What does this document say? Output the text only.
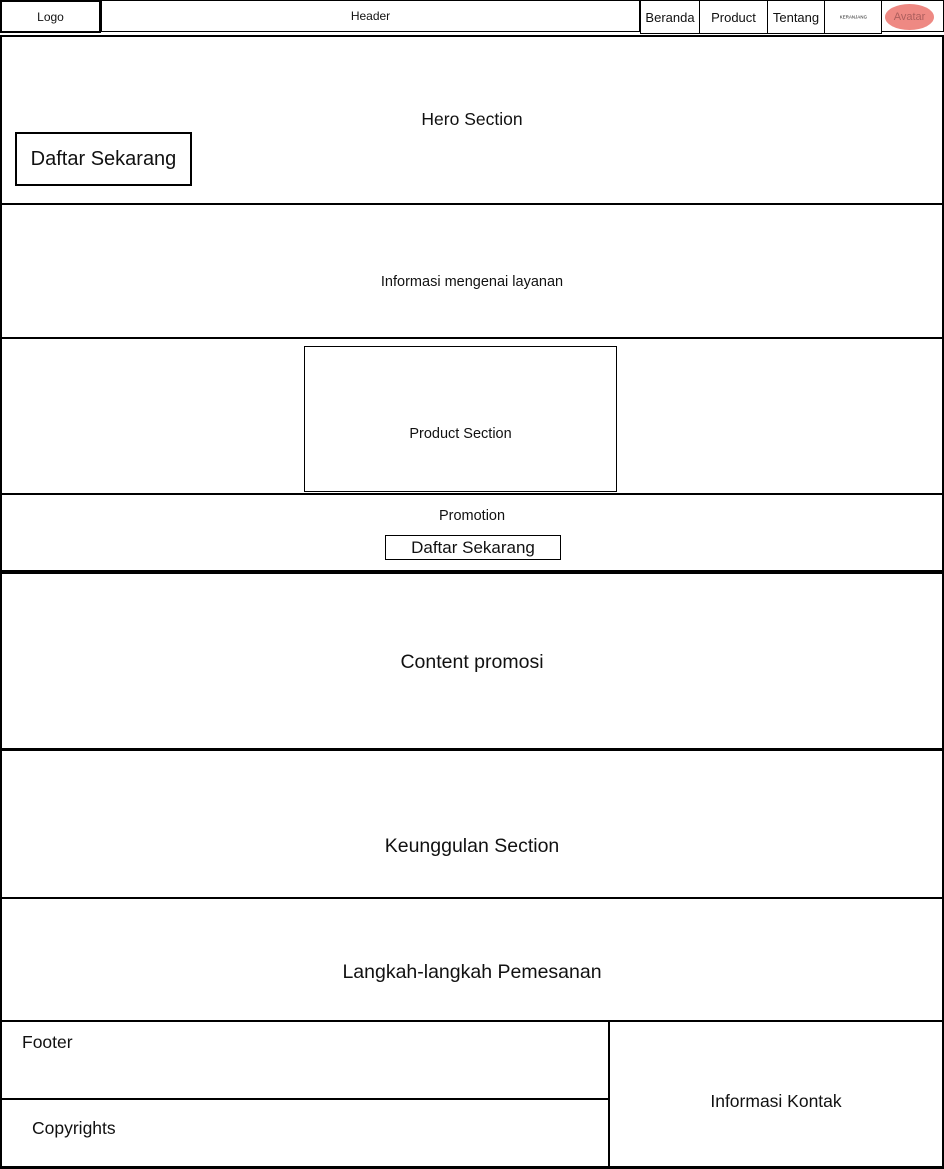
Logo	Header	Beranda Product Tentang KERANJANG Avatar
Hero Section
Daftar Sekarang
Informasi mengenai layanan
Product Section
Promotion
Daftar Sekarang
Content promosi
Keunggulan Section
Langkah-langkah Pemesanan
Footer
Copyrights
Informasi Kontak
